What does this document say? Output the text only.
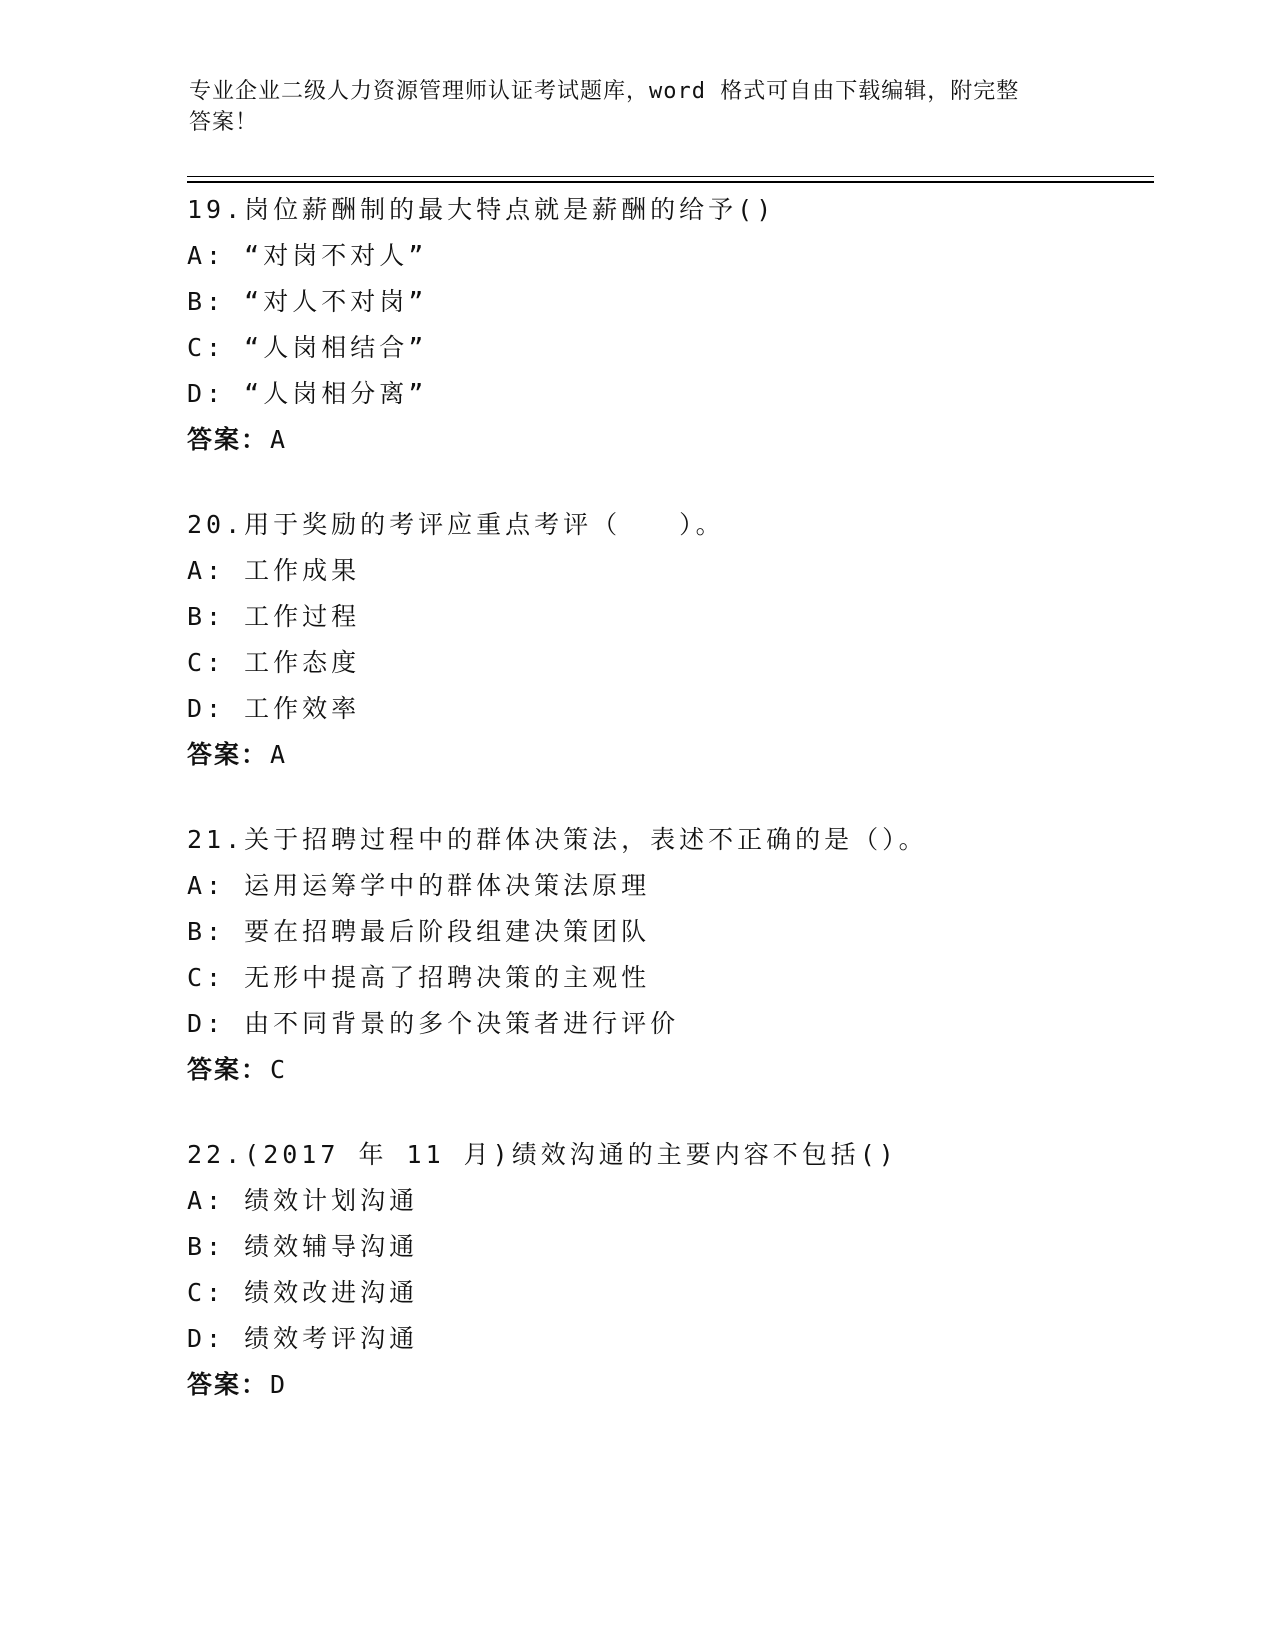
专业企业二级人力资源管理师认证考试题库，word 格式可自由下载编辑，附完整
答案！
19.岗位薪酬制的最大特点就是薪酬的给予()
A: “对岗不对人”
B: “对人不对岗”
C: “人岗相结合”
D: “人岗相分离”
答案：A
20.用于奖励的考评应重点考评（　　）。
A: 工作成果
B: 工作过程
C: 工作态度
D: 工作效率
答案：A
21.关于招聘过程中的群体决策法，表述不正确的是（）。
A: 运用运筹学中的群体决策法原理
B: 要在招聘最后阶段组建决策团队
C: 无形中提高了招聘决策的主观性
D: 由不同背景的多个决策者进行评价
答案：C
22.(2017 年 11 月)绩效沟通的主要内容不包括()
A: 绩效计划沟通
B: 绩效辅导沟通
C: 绩效改进沟通
D: 绩效考评沟通
答案：D
